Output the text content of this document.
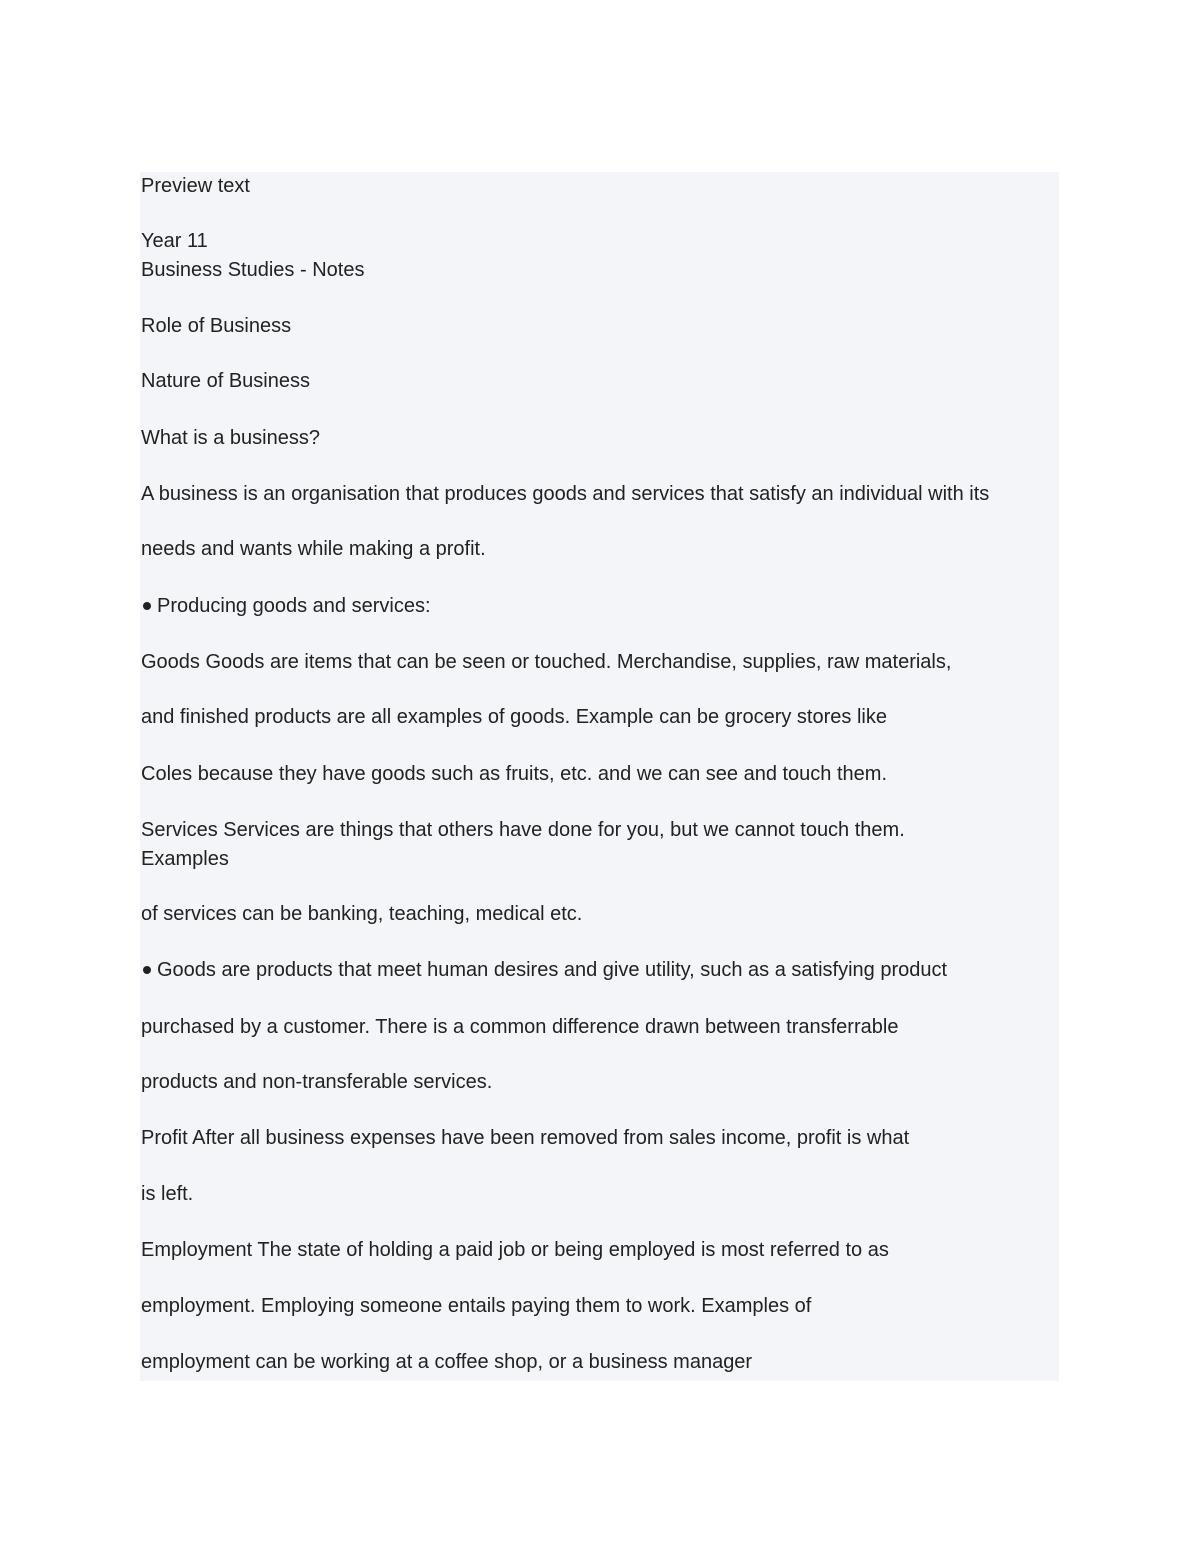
Preview text
Year 11
Business Studies - Notes
Role of Business
Nature of Business
What is a business?
A business is an organisation that produces goods and services that satisfy an individual with its
needs and wants while making a profit.
Producing goods and services:
Goods Goods are items that can be seen or touched. Merchandise, supplies, raw materials,
and finished products are all examples of goods. Example can be grocery stores like
Coles because they have goods such as fruits, etc. and we can see and touch them.
Services Services are things that others have done for you, but we cannot touch them.
Examples
of services can be banking, teaching, medical etc.
Goods are products that meet human desires and give utility, such as a satisfying product
purchased by a customer. There is a common difference drawn between transferrable
products and non-transferable services.
Profit After all business expenses have been removed from sales income, profit is what
is left.
Employment The state of holding a paid job or being employed is most referred to as
employment. Employing someone entails paying them to work. Examples of
employment can be working at a coffee shop, or a business manager
